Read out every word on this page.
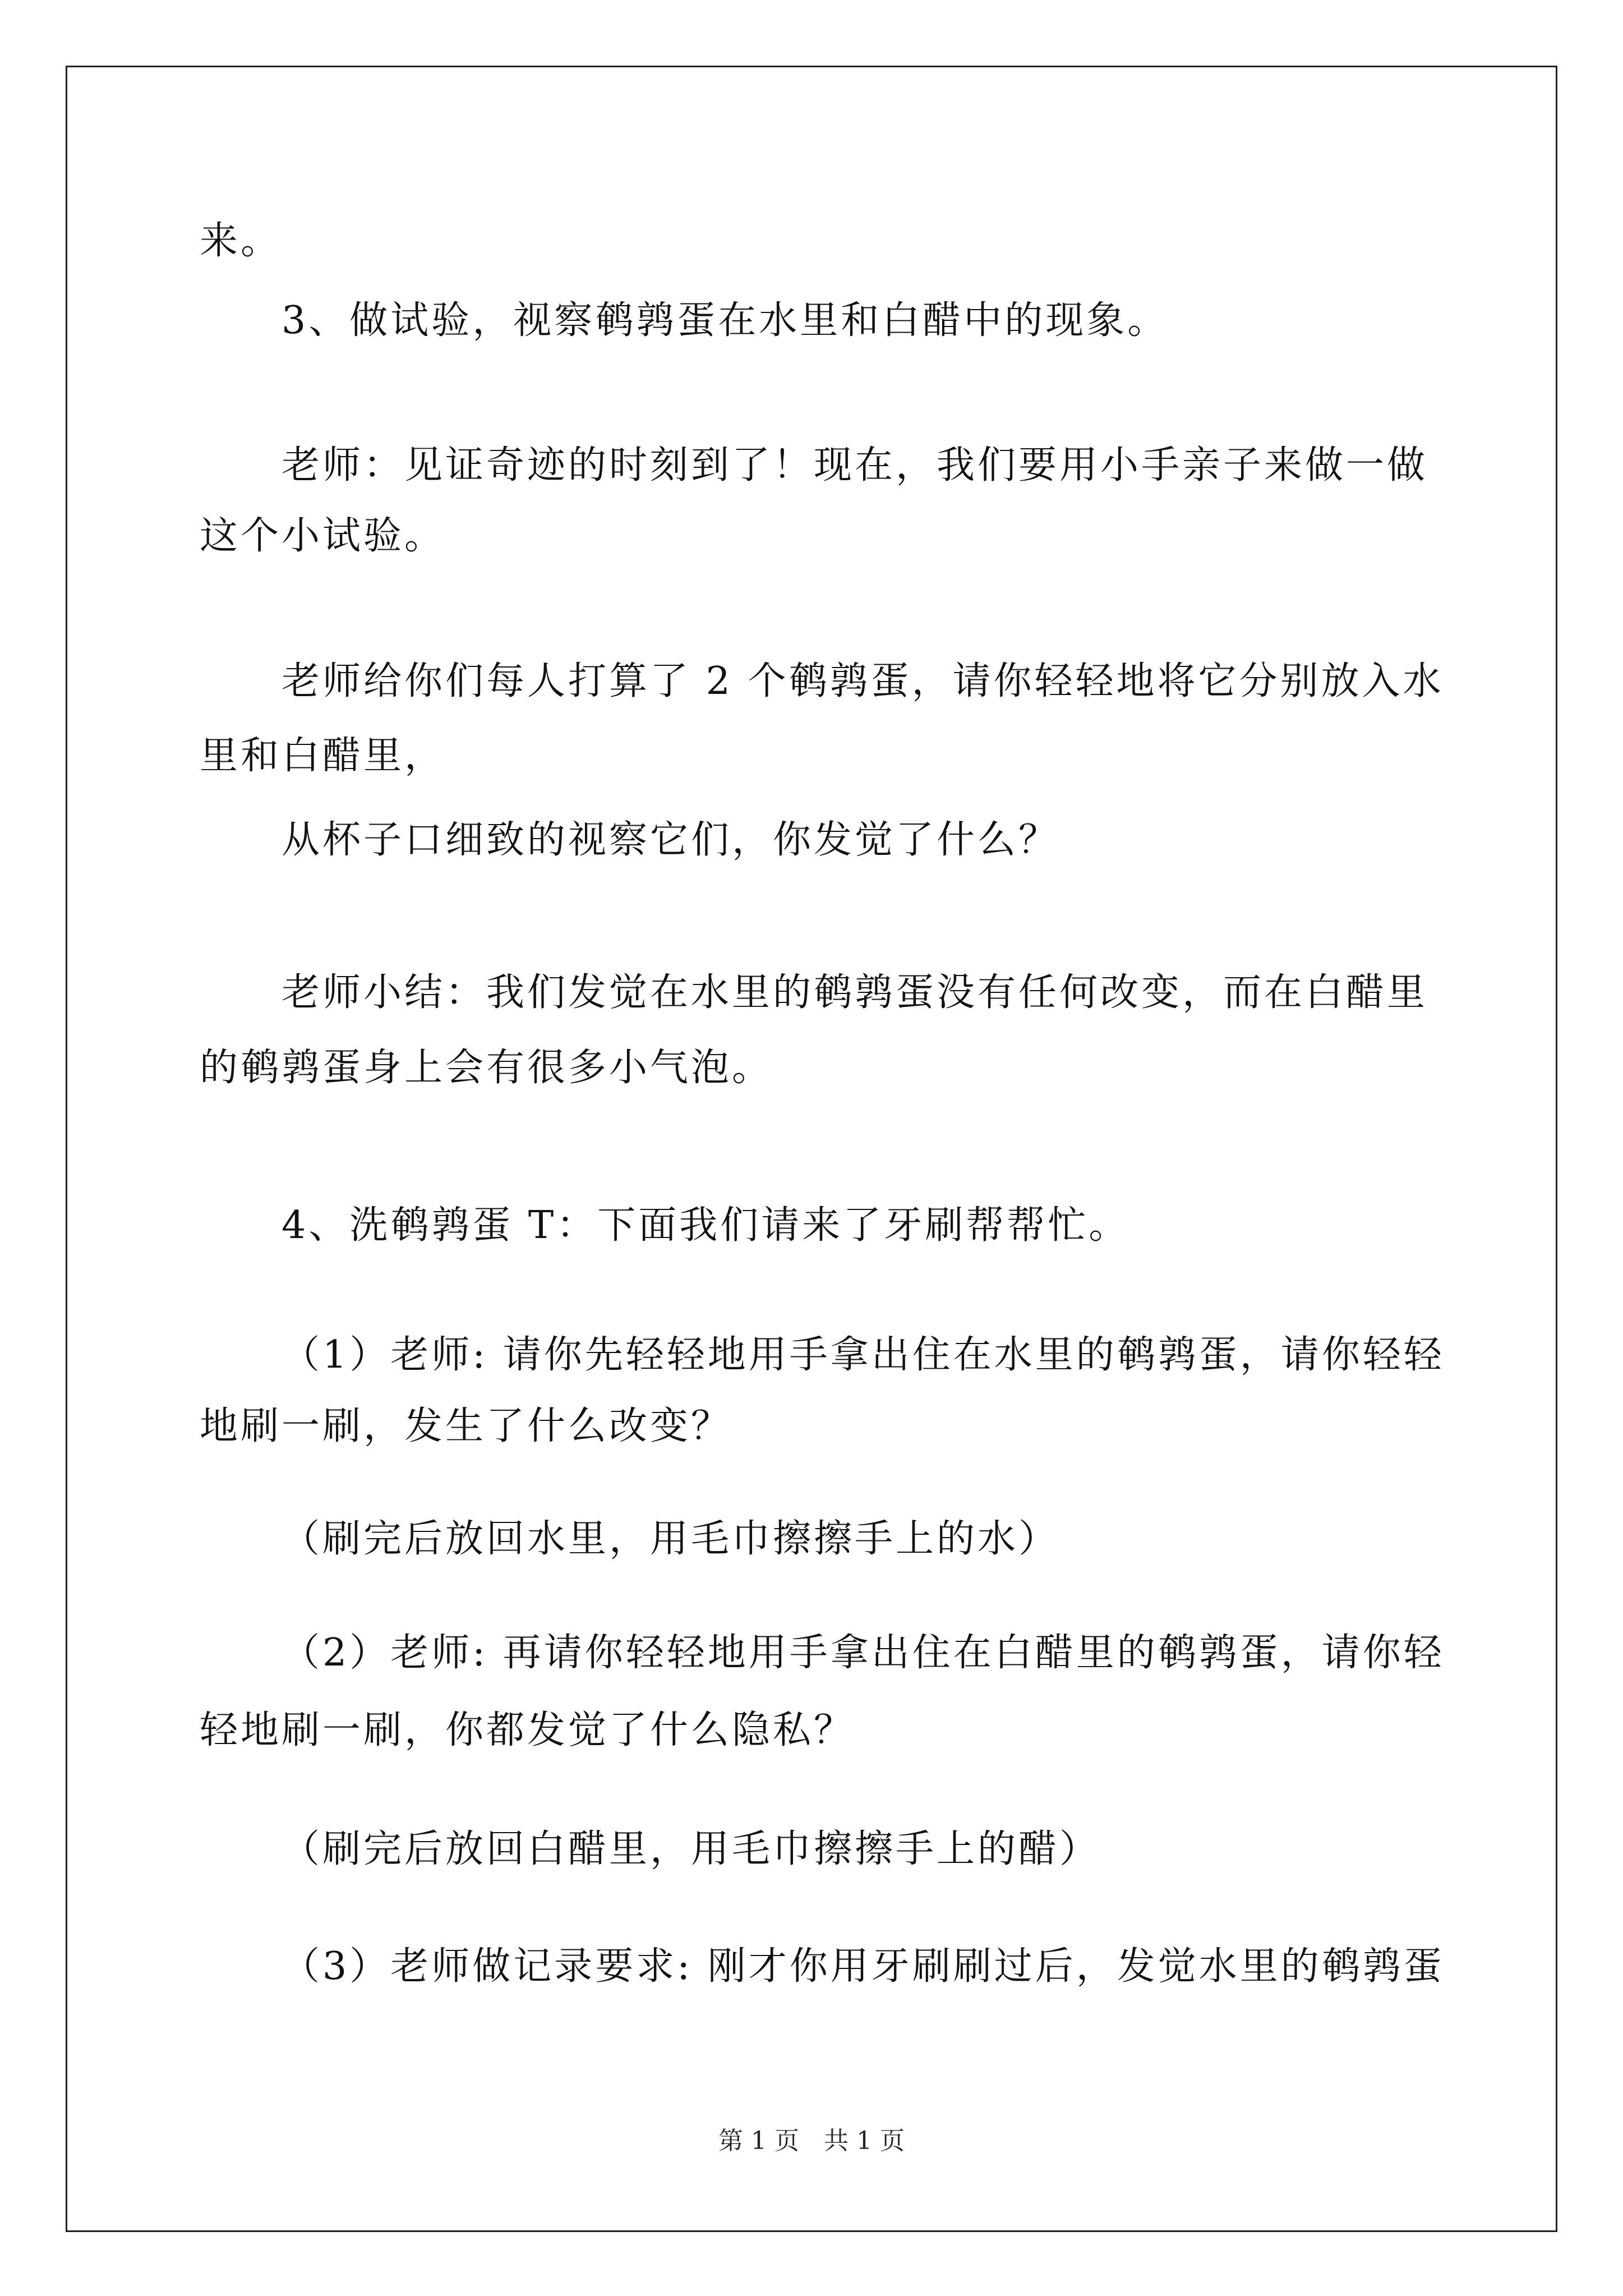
来。
3、做试验，视察鹌鹑蛋在水里和白醋中的现象。
老师：见证奇迹的时刻到了！现在，我们要用小手亲子来做一做
这个小试验。
老师给你们每人打算了 2 个鹌鹑蛋，请你轻轻地将它分别放入水
里和白醋里，
从杯子口细致的视察它们，你发觉了什么？
老师小结：我们发觉在水里的鹌鹑蛋没有任何改变，而在白醋里
的鹌鹑蛋身上会有很多小气泡。
4、洗鹌鹑蛋 T：下面我们请来了牙刷帮帮忙。
（1）老师: 请你先轻轻地用手拿出住在水里的鹌鹑蛋，请你轻轻
地刷一刷，发生了什么改变？
（刷完后放回水里，用毛巾擦擦手上的水）
（2）老师: 再请你轻轻地用手拿出住在白醋里的鹌鹑蛋，请你轻
轻地刷一刷，你都发觉了什么隐私？
（刷完后放回白醋里，用毛巾擦擦手上的醋）
（3）老师做记录要求: 刚才你用牙刷刷过后，发觉水里的鹌鹑蛋
第 1 页　共 1 页
